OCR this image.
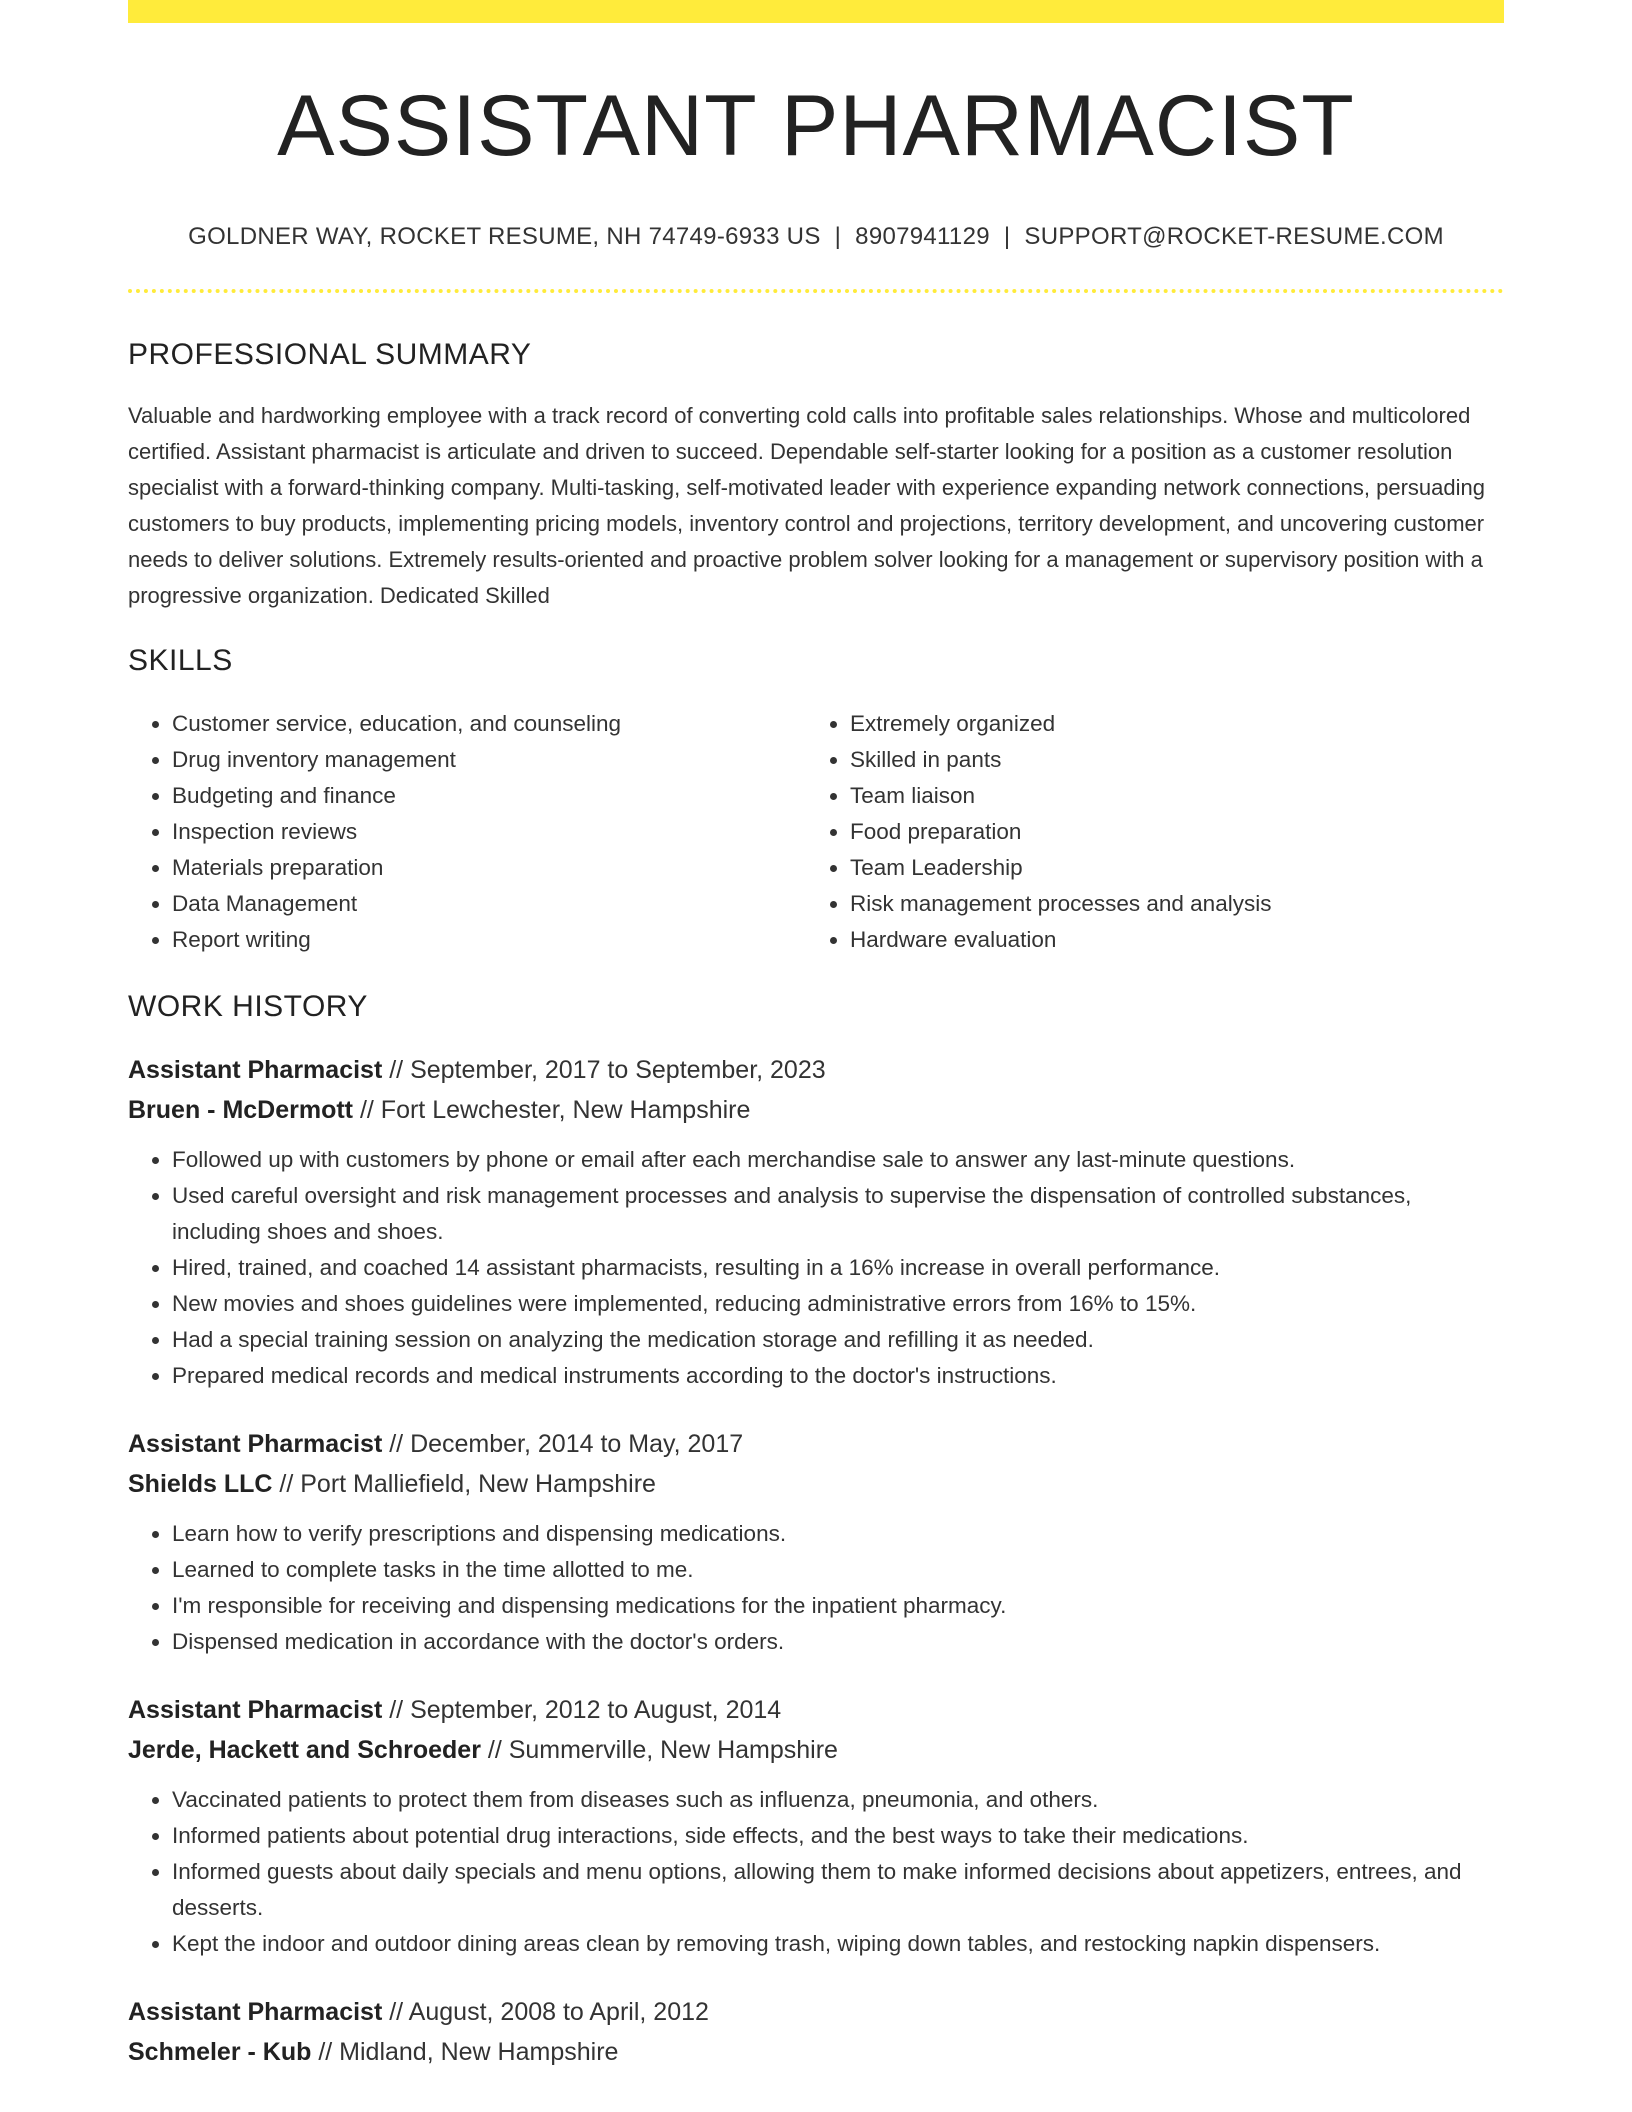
ASSISTANT PHARMACIST
GOLDNER WAY, ROCKET RESUME, NH 74749-6933 US | 8907941129 | SUPPORT@ROCKET-RESUME.COM
PROFESSIONAL SUMMARY
Valuable and hardworking employee with a track record of converting cold calls into profitable sales relationships. Whose and multicolored certified. Assistant pharmacist is articulate and driven to succeed. Dependable self-starter looking for a position as a customer resolution specialist with a forward-thinking company. Multi-tasking, self-motivated leader with experience expanding network connections, persuading customers to buy products, implementing pricing models, inventory control and projections, territory development, and uncovering customer needs to deliver solutions. Extremely results-oriented and proactive problem solver looking for a management or supervisory position with a progressive organization. Dedicated Skilled
SKILLS
• Customer service, education, and counseling
• Drug inventory management
• Budgeting and finance
• Inspection reviews
• Materials preparation
• Data Management
• Report writing
• Extremely organized
• Skilled in pants
• Team liaison
• Food preparation
• Team Leadership
• Risk management processes and analysis
• Hardware evaluation
WORK HISTORY
Assistant Pharmacist // September, 2017 to September, 2023
Bruen - McDermott // Fort Lewchester, New Hampshire
• Followed up with customers by phone or email after each merchandise sale to answer any last-minute questions.
• Used careful oversight and risk management processes and analysis to supervise the dispensation of controlled substances, including shoes and shoes.
• Hired, trained, and coached 14 assistant pharmacists, resulting in a 16% increase in overall performance.
• New movies and shoes guidelines were implemented, reducing administrative errors from 16% to 15%.
• Had a special training session on analyzing the medication storage and refilling it as needed.
• Prepared medical records and medical instruments according to the doctor's instructions.
Assistant Pharmacist // December, 2014 to May, 2017
Shields LLC // Port Malliefield, New Hampshire
• Learn how to verify prescriptions and dispensing medications.
• Learned to complete tasks in the time allotted to me.
• I'm responsible for receiving and dispensing medications for the inpatient pharmacy.
• Dispensed medication in accordance with the doctor's orders.
Assistant Pharmacist // September, 2012 to August, 2014
Jerde, Hackett and Schroeder // Summerville, New Hampshire
• Vaccinated patients to protect them from diseases such as influenza, pneumonia, and others.
• Informed patients about potential drug interactions, side effects, and the best ways to take their medications.
• Informed guests about daily specials and menu options, allowing them to make informed decisions about appetizers, entrees, and desserts.
• Kept the indoor and outdoor dining areas clean by removing trash, wiping down tables, and restocking napkin dispensers.
Assistant Pharmacist // August, 2008 to April, 2012
Schmeler - Kub // Midland, New Hampshire
